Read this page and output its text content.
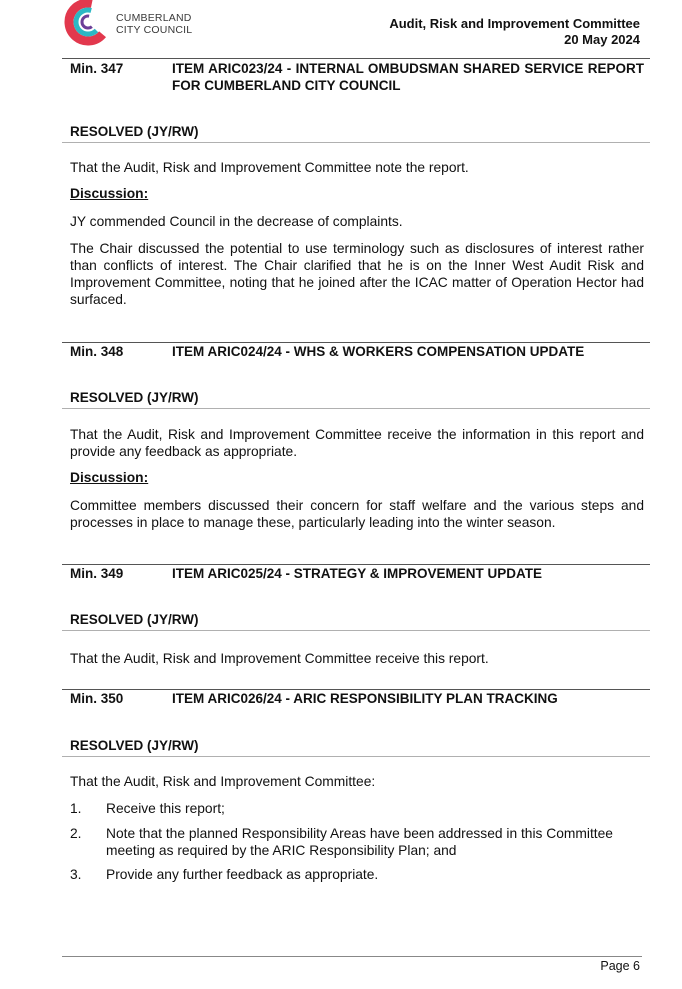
CUMBERLAND
CITY COUNCIL	Audit, Risk and Improvement Committee
20 May 2024
Min. 347	ITEM ARIC023/24 - INTERNAL OMBUDSMAN SHARED SERVICE REPORT FOR CUMBERLAND CITY COUNCIL
RESOLVED (JY/RW)
That the Audit, Risk and Improvement Committee note the report.
Discussion:
JY commended Council in the decrease of complaints.
The Chair discussed the potential to use terminology such as disclosures of interest rather than conflicts of interest. The Chair clarified that he is on the Inner West Audit Risk and Improvement Committee, noting that he joined after the ICAC matter of Operation Hector had surfaced.
Min. 348	ITEM ARIC024/24 - WHS & WORKERS COMPENSATION UPDATE
RESOLVED (JY/RW)
That the Audit, Risk and Improvement Committee receive the information in this report and provide any feedback as appropriate.
Discussion:
Committee members discussed their concern for staff welfare and the various steps and processes in place to manage these, particularly leading into the winter season.
Min. 349	ITEM ARIC025/24 - STRATEGY & IMPROVEMENT UPDATE
RESOLVED (JY/RW)
That the Audit, Risk and Improvement Committee receive this report.
Min. 350	ITEM ARIC026/24 - ARIC RESPONSIBILITY PLAN TRACKING
RESOLVED (JY/RW)
That the Audit, Risk and Improvement Committee:
1. Receive this report;
2. Note that the planned Responsibility Areas have been addressed in this Committee meeting as required by the ARIC Responsibility Plan; and
3. Provide any further feedback as appropriate.
Page 6
